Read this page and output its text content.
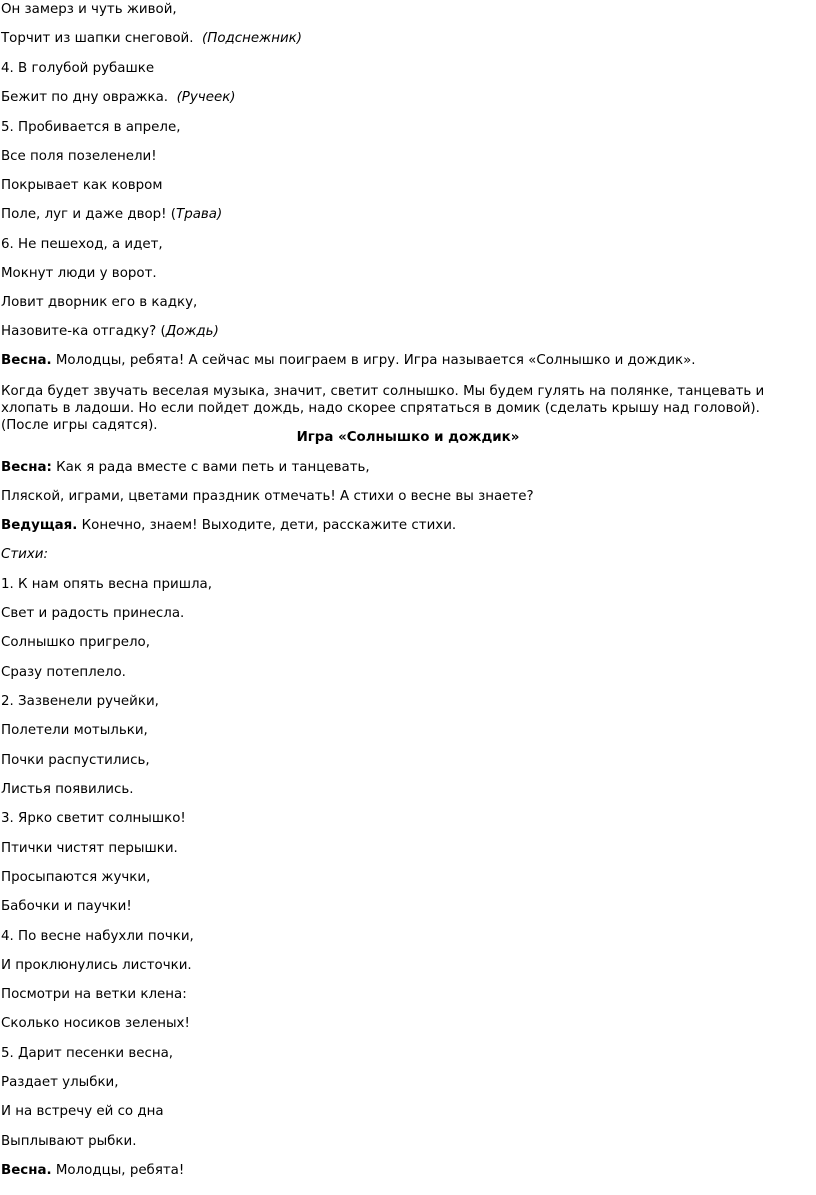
Он замерз и чуть живой,
Торчит из шапки снеговой. (Подснежник)
4. В голубой рубашке
Бежит по дну овражка. (Ручеек)
5. Пробивается в апреле,
Все поля позеленели!
Покрывает как ковром
Поле, луг и даже двор! (Трава)
6. Не пешеход, а идет,
Мокнут люди у ворот.
Ловит дворник его в кадку,
Назовите-ка отгадку? (Дождь)
Весна. Молодцы, ребята! А сейчас мы поиграем в игру. Игра называется «Солнышко и дождик».
Когда будет звучать веселая музыка, значит, светит солнышко. Мы будем гулять на полянке, танцевать и хлопать в ладоши. Но если пойдет дождь, надо скорее спрятаться в домик (сделать крышу над головой). (После игры садятся).
Игра «Солнышко и дождик»
Весна: Как я рада вместе с вами петь и танцевать,
Пляской, играми, цветами праздник отмечать! А стихи о весне вы знаете?
Ведущая. Конечно, знаем! Выходите, дети, расскажите стихи.
Стихи:
1. К нам опять весна пришла,
Свет и радость принесла.
Солнышко пригрело,
Сразу потеплело.
2. Зазвенели ручейки,
Полетели мотыльки,
Почки распустились,
Листья появились.
3. Ярко светит солнышко!
Птички чистят перышки.
Просыпаются жучки,
Бабочки и паучки!
4. По весне набухли почки,
И проклюнулись листочки.
Посмотри на ветки клена:
Сколько носиков зеленых!
5. Дарит песенки весна,
Раздает улыбки,
И на встречу ей со дна
Выплывают рыбки.
Весна. Молодцы, ребята!
